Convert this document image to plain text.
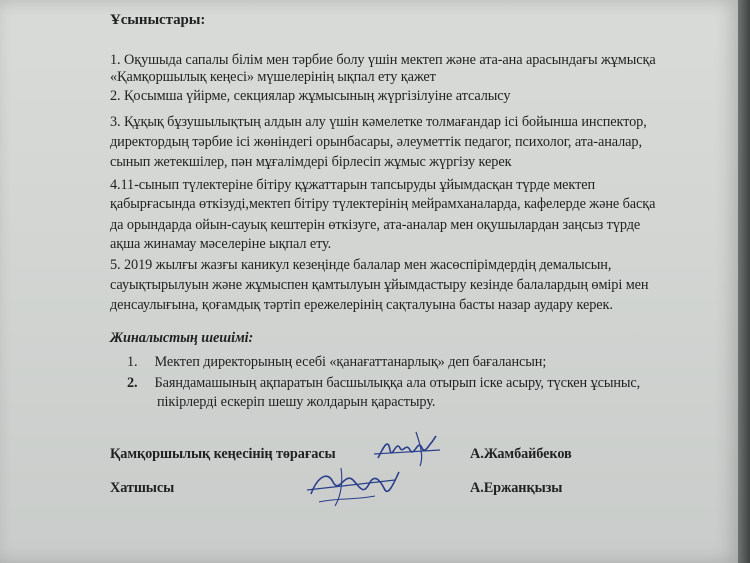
Ұсыныстары:
1. Оқушыда сапалы білім мен тәрбие болу үшін мектеп және ата-ана арасындағы жұмысқа
«Қамқоршылық кеңесі» мүшелерінің ықпал ету қажет
2. Қосымша үйірме, секциялар жұмысының жүргізілуіне атсалысу
3. Құқық бұзушылықтың алдын алу үшін кәмелетке толмағандар ісі бойынша инспектор,
директордың тәрбие ісі жөніндегі орынбасары, әлеуметтік педагог, психолог, ата-аналар,
сынып жетекшілер, пән мұғалімдері бірлесіп жұмыс жүргізу керек
4.11-сынып түлектеріне бітіру құжаттарын тапсыруды ұйымдасқан түрде мектеп
қабырғасында өткізуді,мектеп бітіру түлектерінің мейрамханаларда, кафелерде және басқа
да орындарда ойын-сауық кештерін өткізуге, ата-аналар мен оқушылардан заңсыз түрде
ақша жинамау мәселеріне ықпал ету.
5. 2019 жылғы жазғы каникул кезеңінде балалар мен жасөспірімдердің демалысын,
сауықтырылуын және жұмыспен қамтылуын ұйымдастыру кезінде балалардың өмірі мен
денсаулығына, қоғамдық тәртіп ережелерінің сақталуына басты назар аудару керек.
Жиналыстың шешімі:
1. Мектеп директорының есебі «қанағаттанарлық» деп бағалансын;
2. Баяндамашының ақпаратын басшылыққа ала отырып іске асыру, түскен ұсыныс,
пікірлерді ескеріп шешу жолдарын қарастыру.
Қамқоршылық кеңесінің төрағасы	А.Жамбайбеков
Хатшысы	А.Ержанқызы
